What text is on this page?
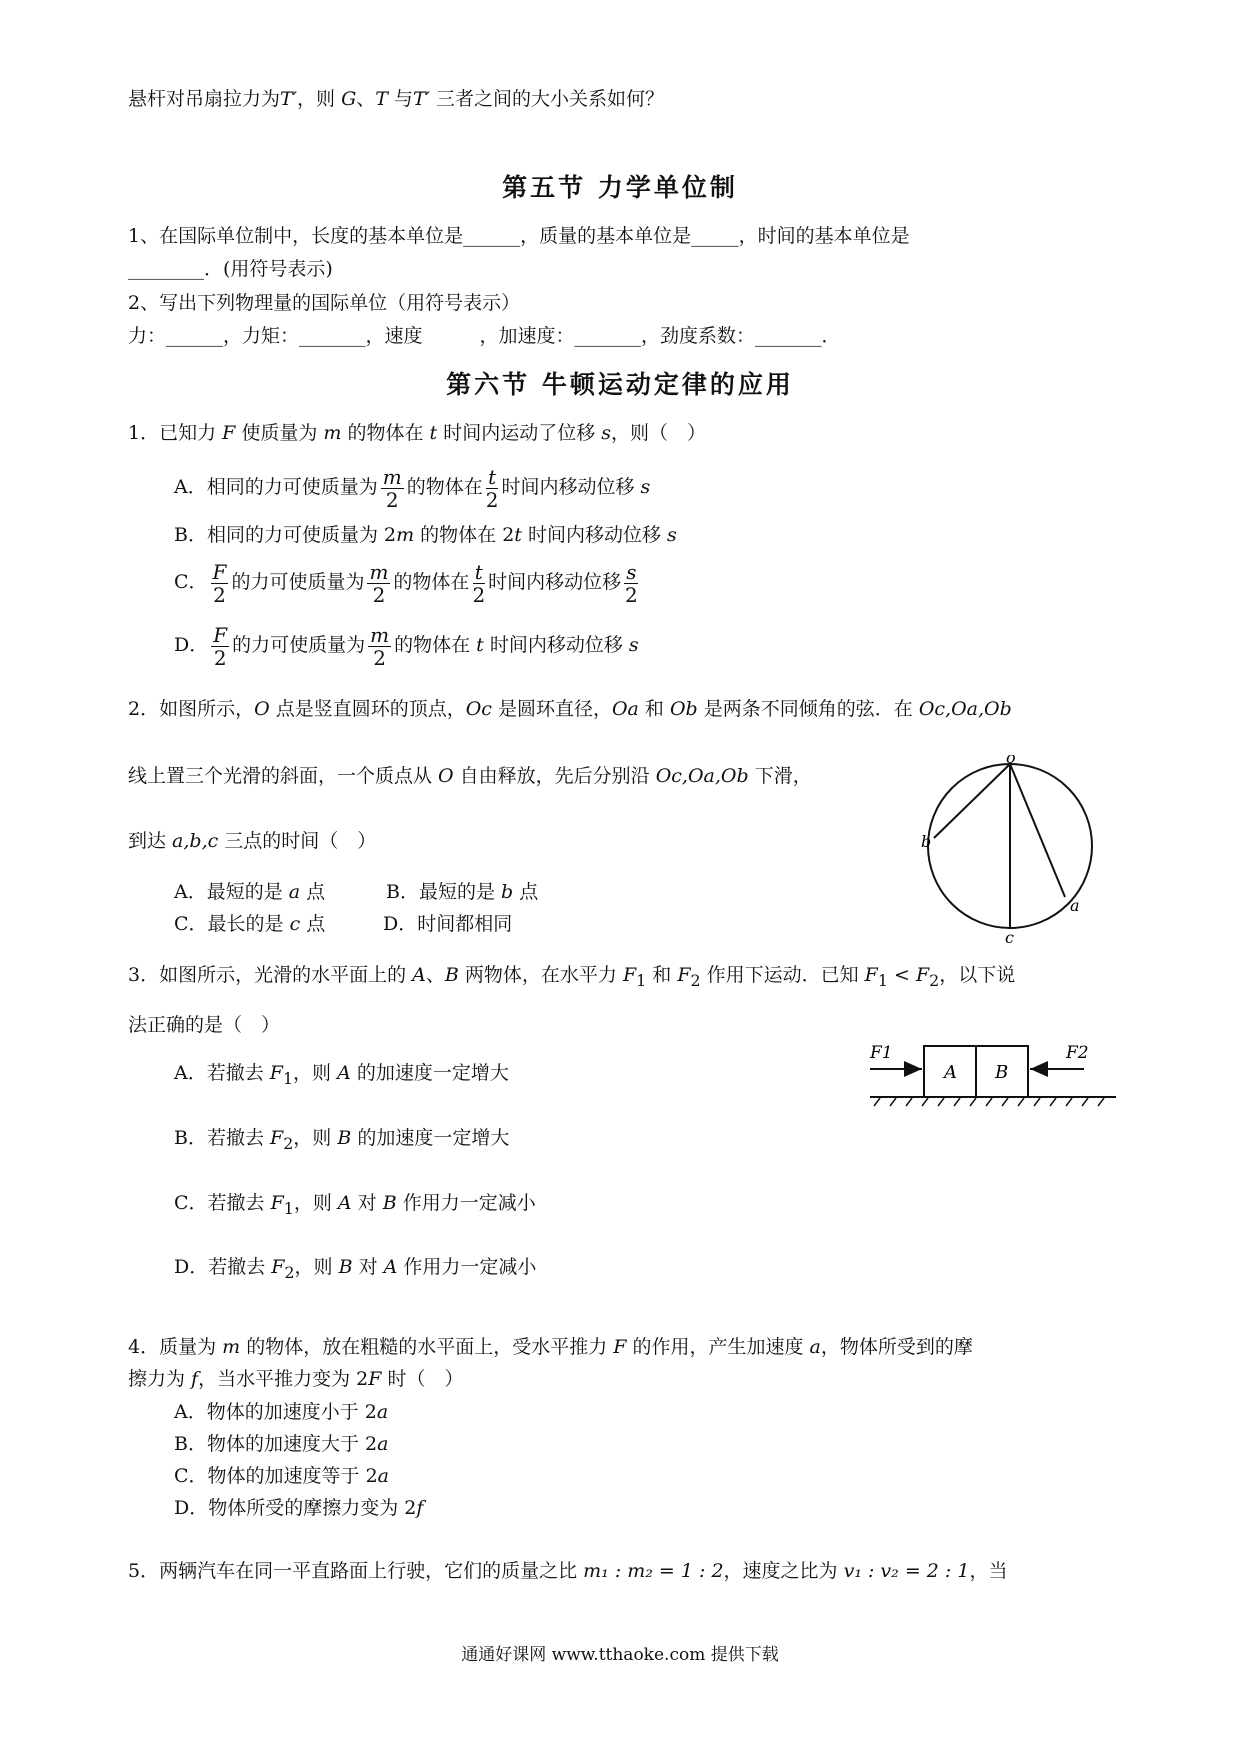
悬杆对吊扇拉力为T′，则 G、T 与T′ 三者之间的大小关系如何？
第五节 力学单位制
1、在国际单位制中，长度的基本单位是______，质量的基本单位是_____，时间的基本单位是
________．(用符号表示)
2、写出下列物理量的国际单位（用符号表示）
力：______，力矩：_______，速度　　　，加速度：_______，劲度系数：_______．
第六节 牛顿运动定律的应用
1．已知力 F 使质量为 m 的物体在 t 时间内运动了位移 s，则（　）
A．相同的力可使质量为 $\frac{m}{2}$ 的物体在 $\frac{t}{2}$ 时间内移动位移 s
B．相同的力可使质量为 2m 的物体在 2t 时间内移动位移 s
C． $\frac{F}{2}$ 的力可使质量为 $\frac{m}{2}$ 的物体在 $\frac{t}{2}$ 时间内移动位移 $\frac{s}{2}$
D． $\frac{F}{2}$ 的力可使质量为 $\frac{m}{2}$ 的物体在 t 时间内移动位移 s
2．如图所示，O 点是竖直圆环的顶点，Oc 是圆环直径，Oa 和 Ob 是两条不同倾角的弦．在 Oc,Oa,Ob
线上置三个光滑的斜面，一个质点从 O 自由释放，先后分别沿 Oc,Oa,Ob 下滑，
到达 a,b,c 三点的时间（　）
A．最短的是 a 点	B．最短的是 b 点
C．最长的是 c 点	D．时间都相同
o
b
a
c
3．如图所示，光滑的水平面上的 A、B 两物体，在水平力 $F_1$ 和 $F_2$ 作用下运动．已知 $F_1 < F_2$，以下说
法正确的是（　）
A．若撤去 $F_1$，则 A 的加速度一定增大
B．若撤去 $F_2$，则 B 的加速度一定增大
C．若撤去 $F_1$，则 A 对 B 作用力一定减小
D．若撤去 $F_2$，则 B 对 A 作用力一定减小
F1	F2
A B
4．质量为 m 的物体，放在粗糙的水平面上，受水平推力 F 的作用，产生加速度 a，物体所受到的摩
擦力为 f，当水平推力变为 2F 时（　）
A．物体的加速度小于 2a
B．物体的加速度大于 2a
C．物体的加速度等于 2a
D．物体所受的摩擦力变为 2f
5．两辆汽车在同一平直路面上行驶，它们的质量之比 m₁ : m₂ = 1 : 2，速度之比为 v₁ : v₂ = 2 : 1，当
通通好课网 www.tthaoke.com 提供下载
